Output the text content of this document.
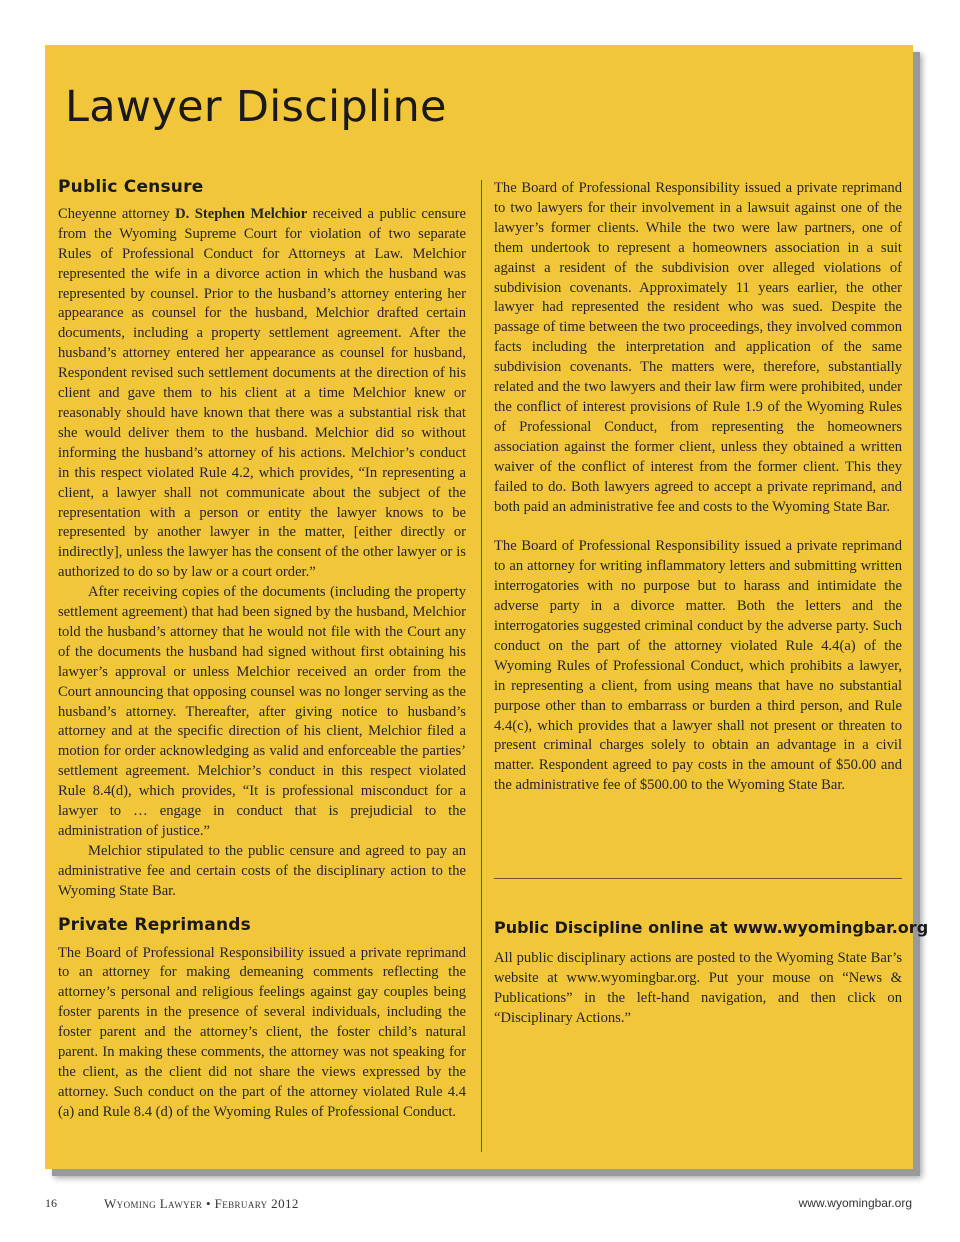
Lawyer Discipline
Public Censure

Cheyenne attorney D. Stephen Melchior received a public censure from the Wyoming Supreme Court for violation of two separate Rules of Professional Conduct for Attorneys at Law. Melchior represented the wife in a divorce action in which the husband was represented by counsel. Prior to the husband’s attorney entering her appearance as counsel for the husband, Melchior drafted certain documents, including a property settlement agreement. After the husband’s attorney entered her appearance as counsel for husband, Respondent revised such settlement documents at the direction of his client and gave them to his client at a time Melchior knew or reasonably should have known that there was a substantial risk that she would deliver them to the husband. Melchior did so without informing the husband’s attorney of his actions. Melchior’s conduct in this respect violated Rule 4.2, which provides, “In representing a client, a lawyer shall not communicate about the subject of the representation with a person or entity the lawyer knows to be represented by another lawyer in the matter, [either directly or indirectly], unless the lawyer has the consent of the other lawyer or is authorized to do so by law or a court order.”

After receiving copies of the documents (including the property settlement agreement) that had been signed by the husband, Melchior told the husband’s attorney that he would not file with the Court any of the documents the husband had signed without first obtaining his lawyer’s approval or unless Melchior received an order from the Court announcing that opposing counsel was no longer serving as the husband’s attorney. Thereafter, after giving notice to husband’s attorney and at the specific direction of his client, Melchior filed a motion for order acknowledging as valid and enforceable the parties’ settlement agreement. Melchior’s conduct in this respect violated Rule 8.4(d), which provides, “It is professional misconduct for a lawyer to … engage in conduct that is prejudicial to the administration of justice.”

Melchior stipulated to the public censure and agreed to pay an administrative fee and certain costs of the disciplinary action to the Wyoming State Bar.

Private Reprimands

The Board of Professional Responsibility issued a private reprimand to an attorney for making demeaning comments reflecting the attorney’s personal and religious feelings against gay couples being foster parents in the presence of several individuals, including the foster parent and the attorney’s client, the foster child’s natural parent. In making these comments, the attorney was not speaking for the client, as the client did not share the views expressed by the attorney. Such conduct on the part of the attorney violated Rule 4.4 (a) and Rule 8.4 (d) of the Wyoming Rules of Professional Conduct.

The Board of Professional Responsibility issued a private reprimand to two lawyers for their involvement in a lawsuit against one of the lawyer’s former clients. While the two were law partners, one of them undertook to represent a homeowners association in a suit against a resident of the subdivision over alleged violations of subdivision covenants. Approximately 11 years earlier, the other lawyer had represented the resident who was sued. Despite the passage of time between the two proceedings, they involved common facts including the interpretation and application of the same subdivision covenants. The matters were, therefore, substantially related and the two lawyers and their law firm were prohibited, under the conflict of interest provisions of Rule 1.9 of the Wyoming Rules of Professional Conduct, from representing the homeowners association against the former client, unless they obtained a written waiver of the conflict of interest from the former client. This they failed to do. Both lawyers agreed to accept a private reprimand, and both paid an administrative fee and costs to the Wyoming State Bar.

The Board of Professional Responsibility issued a private reprimand to an attorney for writing inflammatory letters and submitting written interrogatories with no purpose but to harass and intimidate the adverse party in a divorce matter. Both the letters and the interrogatories suggested criminal conduct by the adverse party. Such conduct on the part of the attorney violated Rule 4.4(a) of the Wyoming Rules of Professional Conduct, which prohibits a lawyer, in representing a client, from using means that have no substantial purpose other than to embarrass or burden a third person, and Rule 4.4(c), which provides that a lawyer shall not present or threaten to present criminal charges solely to obtain an advantage in a civil matter. Respondent agreed to pay costs in the amount of $50.00 and the administrative fee of $500.00 to the Wyoming State Bar.

Public Discipline online at www.wyomingbar.org

All public disciplinary actions are posted to the Wyoming State Bar’s website at www.wyomingbar.org. Put your mouse on “News & Publications” in the left-hand navigation, and then click on “Disciplinary Actions.”

16	Wyoming Lawyer • February 2012	www.wyomingbar.org
